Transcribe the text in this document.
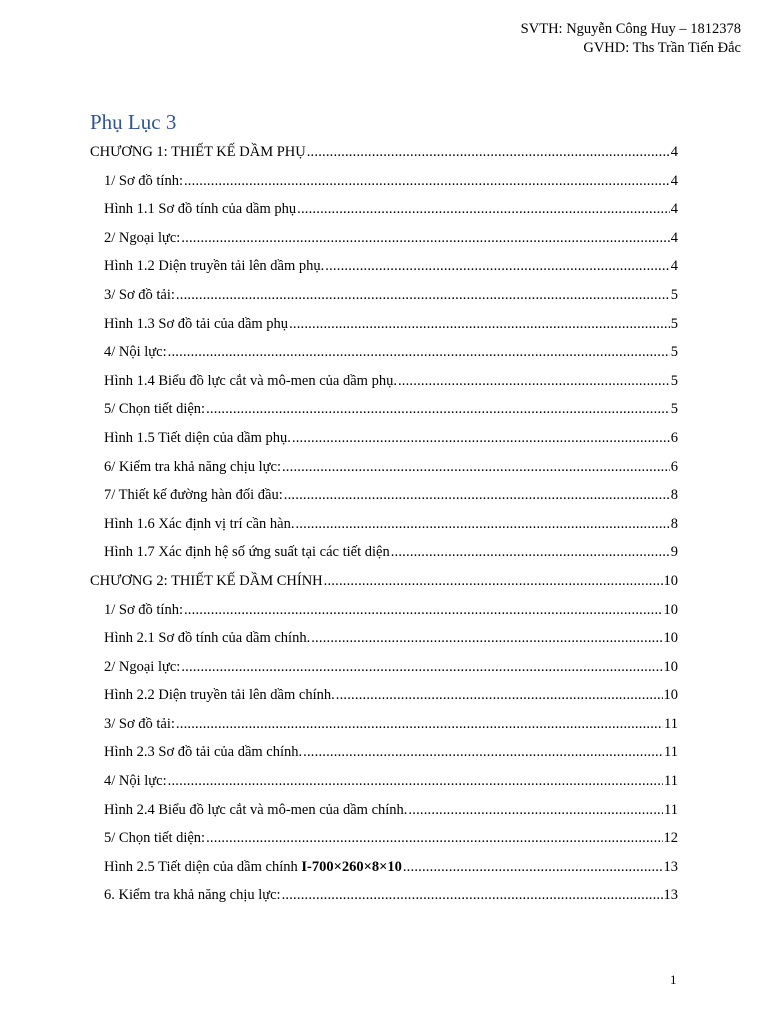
SVTH: Nguyễn Công Huy – 1812378
GVHD: Ths Trần Tiến Đắc
Phụ Lục 3
CHƯƠNG 1: THIẾT KẾ DẦM PHỤ .....	4
1/ Sơ đồ tính: .....	4
Hình 1.1 Sơ đồ tính của dầm phụ .....	4
2/ Ngoại lực: .....	4
Hình 1.2 Diện truyền tải lên dầm phụ. .....	4
3/ Sơ đồ tải: .....	5
Hình 1.3 Sơ đồ tải của dầm phụ .....	5
4/ Nội lực: .....	5
Hình 1.4 Biểu đồ lực cắt và mô-men của dầm phụ. .....	5
5/ Chọn tiết diện: .....	5
Hình 1.5 Tiết diện của dầm phụ. .....	6
6/ Kiểm tra khả năng chịu lực: .....	6
7/ Thiết kế đường hàn đối đầu: .....	8
Hình 1.6 Xác định vị trí cần hàn. .....	8
Hình 1.7 Xác định hệ số ứng suất tại các tiết diện .....	9
CHƯƠNG 2: THIẾT KẾ DẦM CHÍNH .....	10
1/ Sơ đồ tính: .....	10
Hình 2.1 Sơ đồ tính của dầm chính. .....	10
2/ Ngoại lực: .....	10
Hình 2.2 Diện truyền tải lên dầm chính. .....	10
3/ Sơ đồ tải: .....	11
Hình 2.3 Sơ đồ tải của dầm chính. .....	11
4/ Nội lực: .....	11
Hình 2.4 Biểu đồ lực cắt và mô-men của dầm chính. .....	11
5/ Chọn tiết diện: .....	12
Hình 2.5 Tiết diện của dầm chính I-700×260×8×10 .....	13
6. Kiểm tra khả năng chịu lực: .....	13
1
